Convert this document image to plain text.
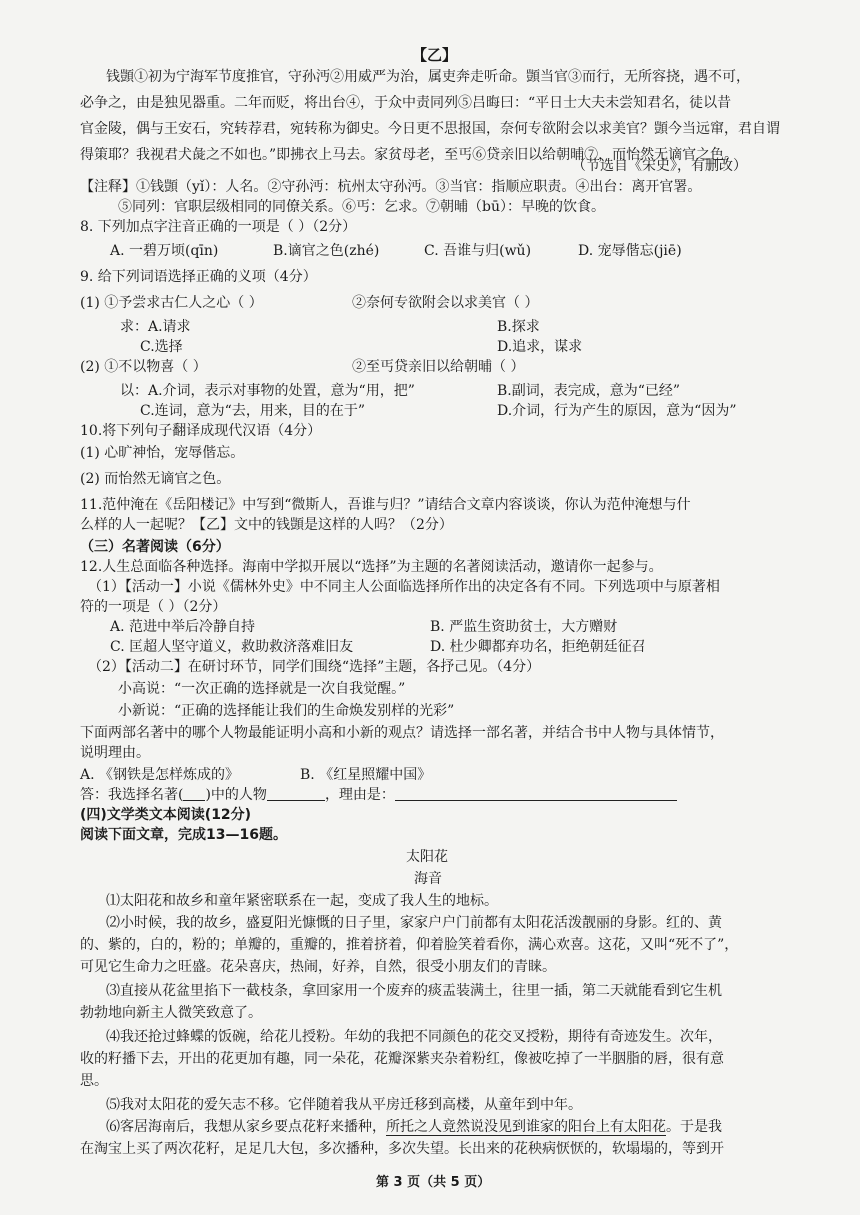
【乙】
钱顗①初为宁海军节度推官，守孙沔②用威严为治，属吏奔走听命。顗当官③而行，无所容挠，遇不可，
必争之，由是独见器重。二年而贬，将出台④，于众中责同列⑤吕晦曰：“平日士大夫未尝知君名，徒以昔
官金陵，偶与王安石，究转荐君，宛转称为御史。今日更不思报国，奈何专欲附会以求美官？顗今当远窜，君自谓
得策耶？我视君犬彘之不如也。”即拂衣上马去。家贫母老，至丐⑥贷亲旧以给朝晡⑦，而怡然无谪官之色。
（节选自《宋史》，有删改）
【注释】①钱顗（yǐ）：人名。②守孙沔：杭州太守孙沔。③当官：指顺应职责。④出台：离开官署。
⑤同列：官职层级相同的同僚关系。⑥丐：乞求。⑦朝晡（bū）：早晚的饮食。
8. 下列加点字注音正确的一项是（ ）（2分）
A. 一碧万顷(qīn)	B.谪官之色(zhé)	C. 吾谁与归(wǔ)	D. 宠辱偕忘(jiē)
9. 给下列词语选择正确的义项（4分）
(1) ①予尝求古仁人之心（ ）	②奈何专欲附会以求美官（ ）
求：A.请求	B.探求
C.选择	D.追求，谋求
(2) ①不以物喜（ ）	②至丐贷亲旧以给朝晡（ ）
以：A.介词，表示对事物的处置，意为“用，把”	B.副词，表完成，意为“已经”
C.连词，意为“去，用来，目的在于”	D.介词，行为产生的原因，意为“因为”
10.将下列句子翻译成现代汉语（4分）
(1) 心旷神怡，宠辱偕忘。
(2) 而怡然无谪官之色。
11.范仲淹在《岳阳楼记》中写到“微斯人，吾谁与归？”请结合文章内容谈谈，你认为范仲淹想与什
么样的人一起呢？【乙】文中的钱顗是这样的人吗？（2分）
（三）名著阅读（6分）
12.人生总面临各种选择。海南中学拟开展以“选择”为主题的名著阅读活动，邀请你一起参与。
（1）【活动一】小说《儒林外史》中不同主人公面临选择所作出的决定各有不同。下列选项中与原著相
符的一项是（ ）（2分）
A. 范进中举后冷静自持	B. 严监生资助贫士，大方赠财
C. 匡超人坚守道义，救助救济落难旧友	D. 杜少卿都弃功名，拒绝朝廷征召
（2）【活动二】在研讨环节，同学们围绕“选择”主题，各抒己见。（4分）
小高说：“一次正确的选择就是一次自我觉醒。”
小新说：“正确的选择能让我们的生命焕发别样的光彩”
下面两部名著中的哪个人物最能证明小高和小新的观点？请选择一部名著，并结合书中人物与具体情节，
说明理由。
A. 《钢铁是怎样炼成的》	B. 《红星照耀中国》
答：我选择名著( )中的人物	，理由是：
(四)文学类文本阅读(12分)
阅读下面文章，完成13—16题。
太阳花
海音
⑴太阳花和故乡和童年紧密联系在一起，变成了我人生的地标。
⑵小时候，我的故乡，盛夏阳光慷慨的日子里，家家户户门前都有太阳花活泼靓丽的身影。红的、黄
的、紫的，白的，粉的；单瓣的，重瓣的，推着挤着，仰着脸笑着看你，满心欢喜。这花，又叫“死不了”，
可见它生命力之旺盛。花朵喜庆，热闹，好养，自然，很受小朋友们的青睐。
⑶直接从花盆里掐下一截枝条，拿回家用一个废弃的痰盂装满土，往里一插，第二天就能看到它生机
勃勃地向新主人微笑致意了。
⑷我还抢过蜂蝶的饭碗，给花儿授粉。年幼的我把不同颜色的花交叉授粉，期待有奇迹发生。次年，
收的籽播下去，开出的花更加有趣，同一朵花，花瓣深紫夹杂着粉红，像被吃掉了一半胭脂的唇，很有意
思。
⑸我对太阳花的爱矢志不移。它伴随着我从平房迁移到高楼，从童年到中年。
⑹客居海南后，我想从家乡要点花籽来播种，所托之人竟然说没见到谁家的阳台上有太阳花。于是我
在淘宝上买了两次花籽，足足几大包，多次播种，多次失望。长出来的花秧病恹恹的，软塌塌的，等到开
第 3 页（共 5 页）
